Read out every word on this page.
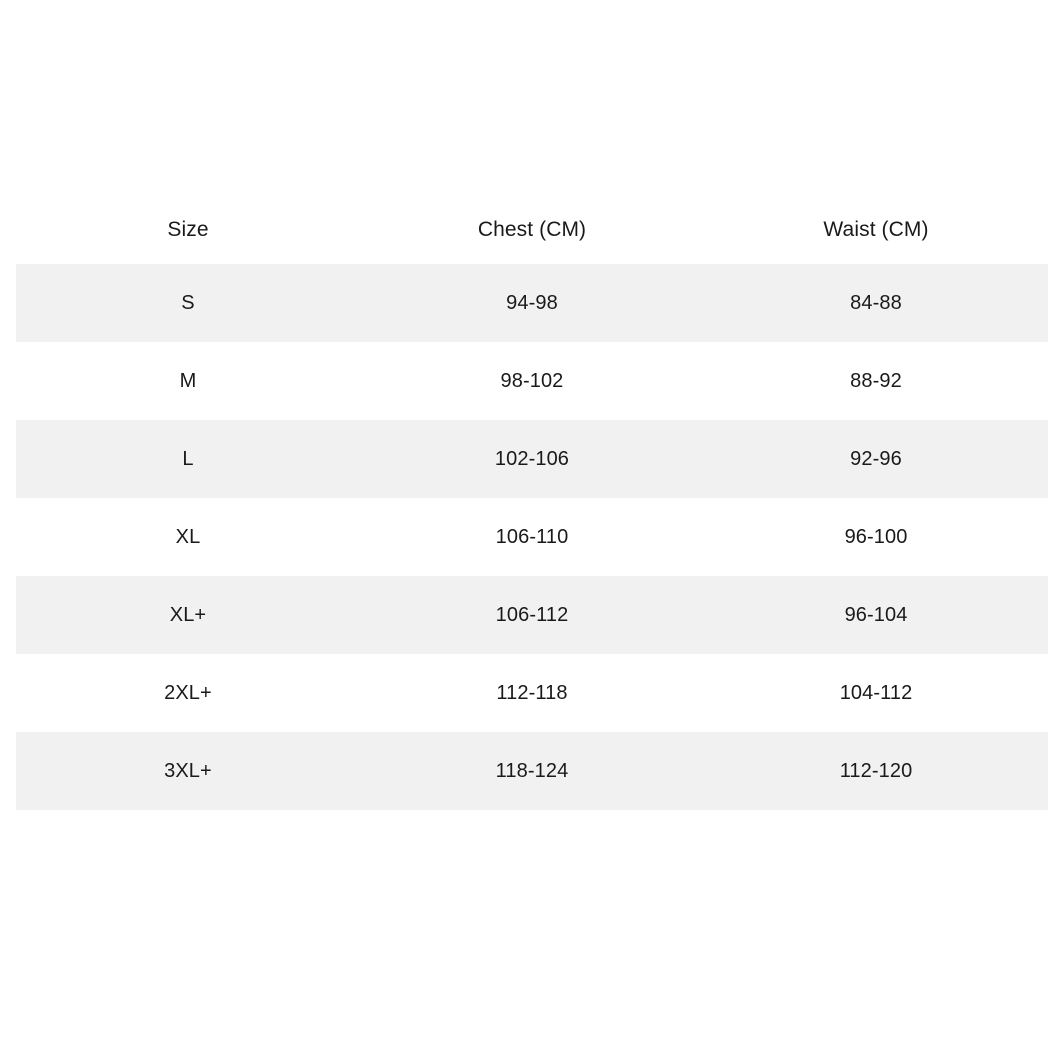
Size	Chest (CM)	Waist (CM)
S	94-98	84-88
M	98-102	88-92
L	102-106	92-96
XL	106-110	96-100
XL+	106-112	96-104
2XL+	112-118	104-112
3XL+	118-124	112-120
